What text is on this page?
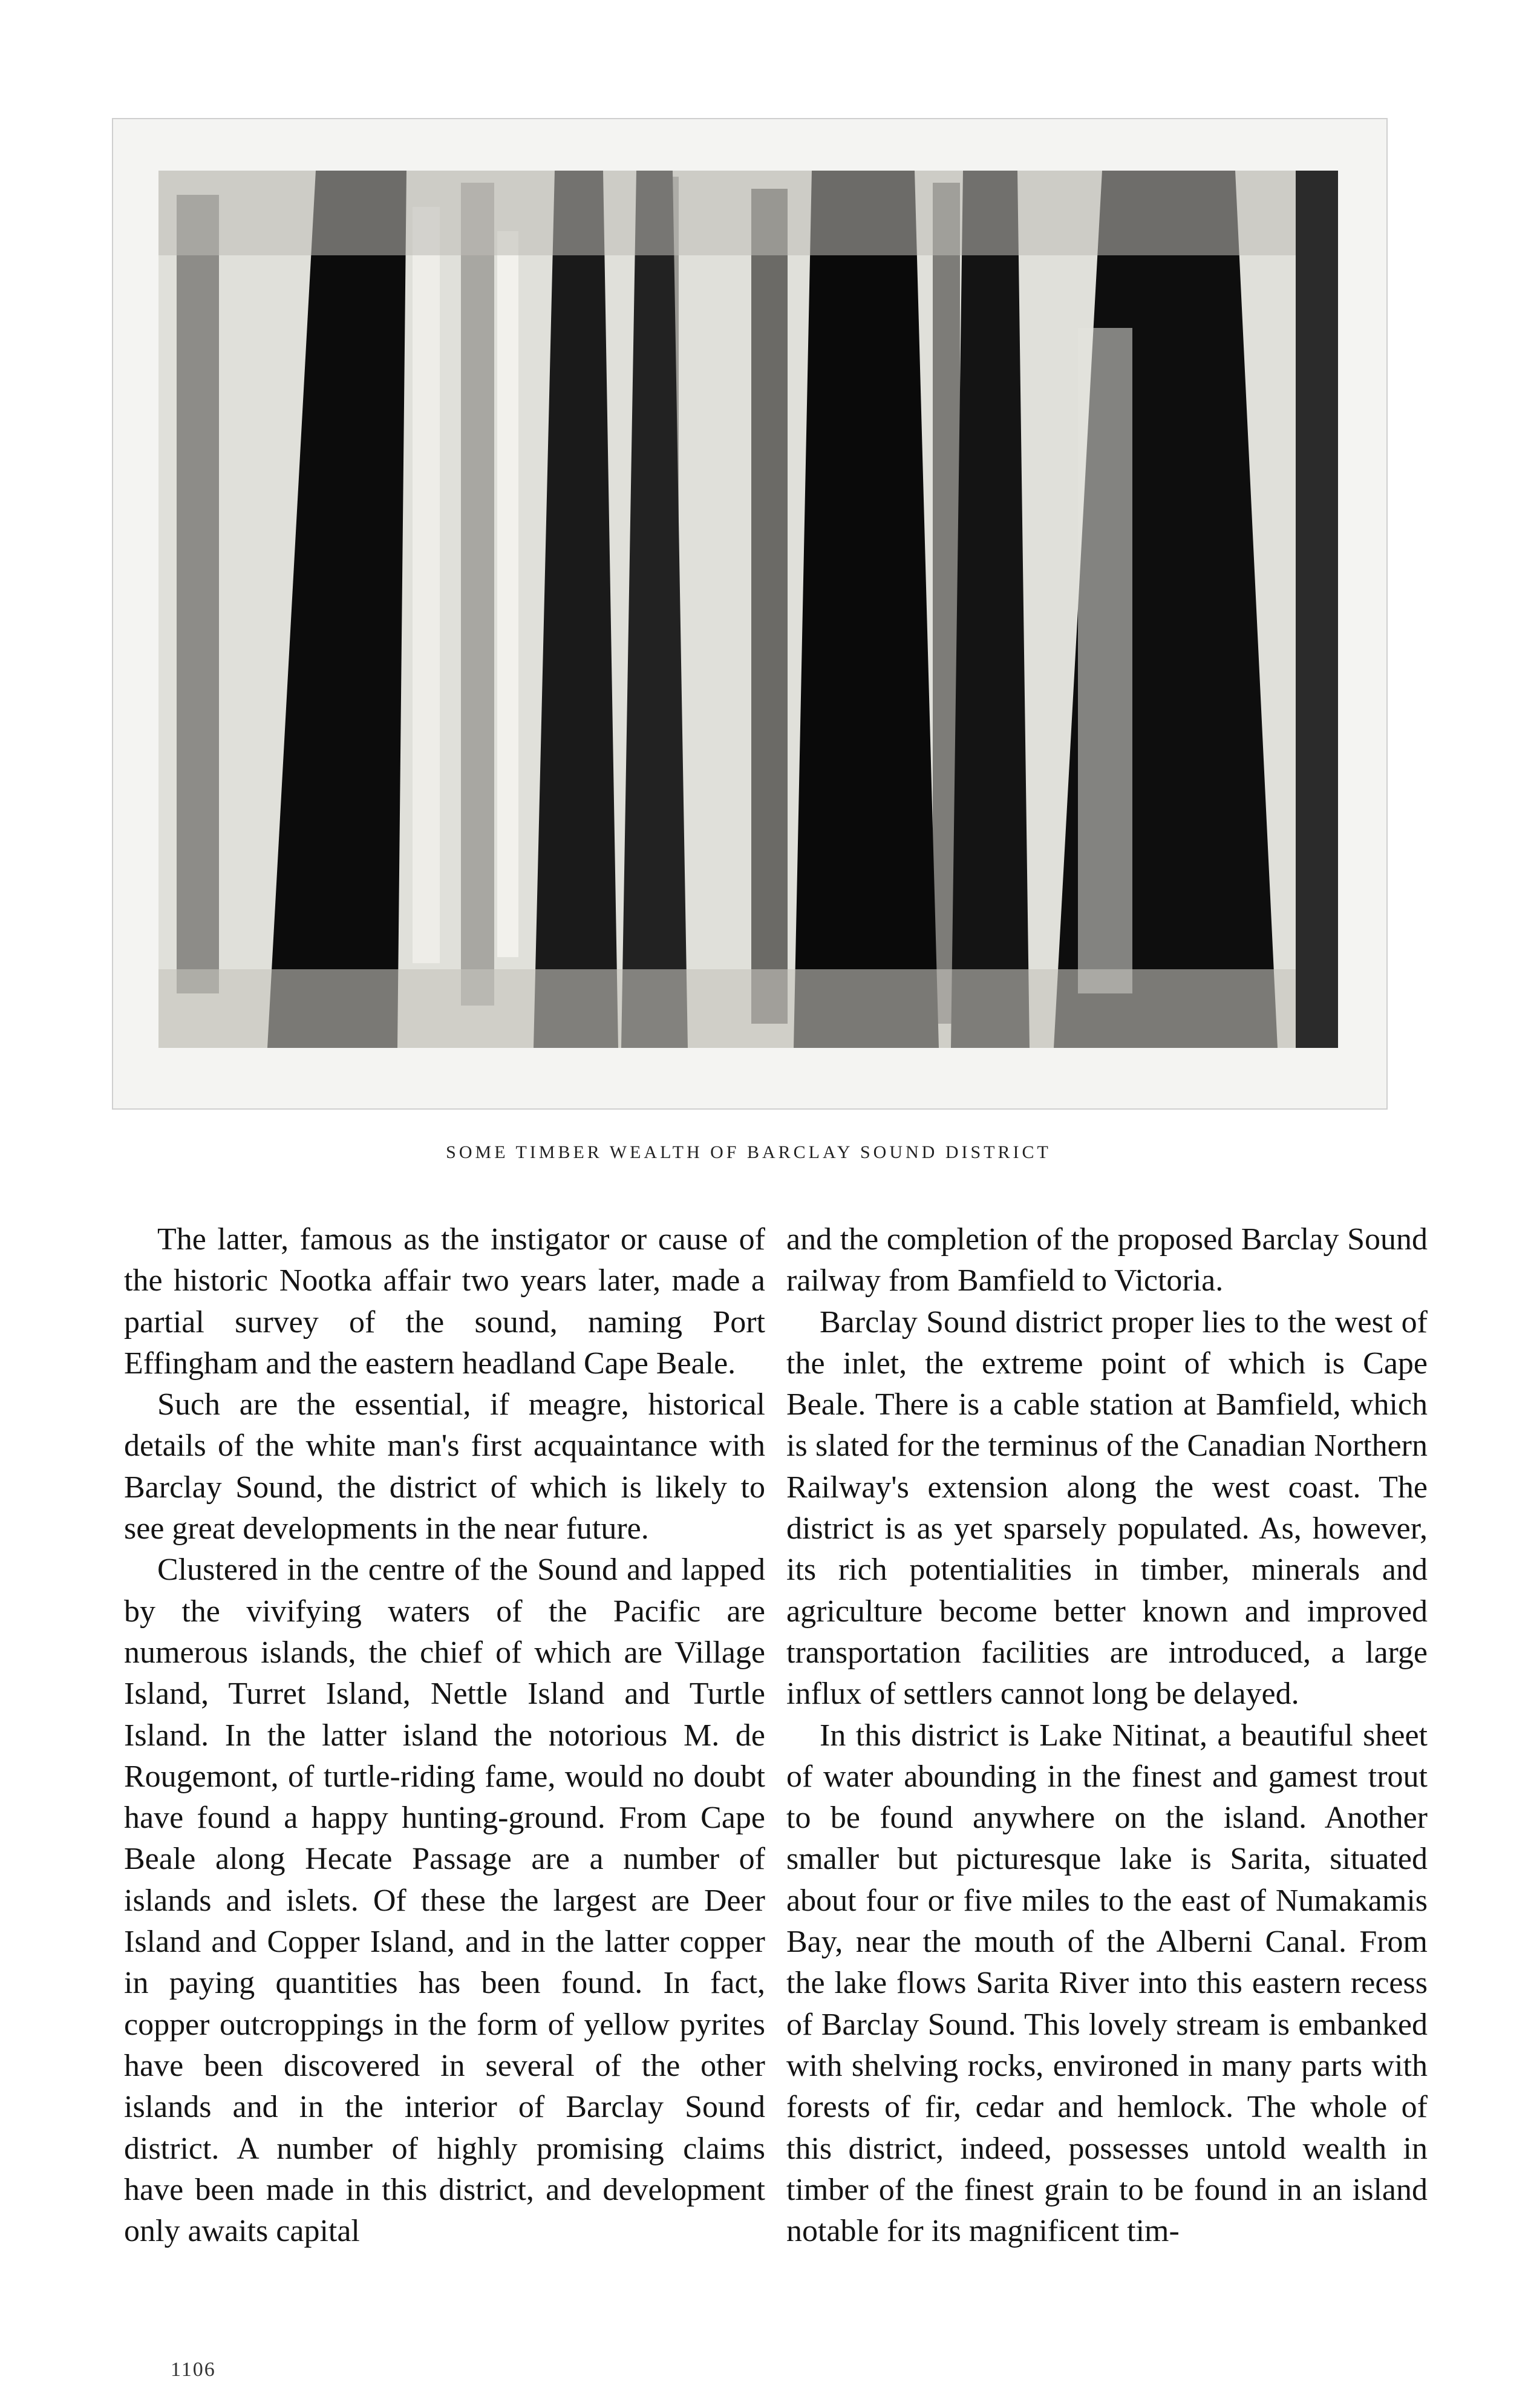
SOME TIMBER WEALTH OF BARCLAY SOUND DISTRICT

The latter, famous as the instigator or cause of the historic Nootka affair two years later, made a partial survey of the sound, naming Port Effingham and the eastern headland Cape Beale.

Such are the essential, if meagre, historical details of the white man's first acquaintance with Barclay Sound, the district of which is likely to see great developments in the near future.

Clustered in the centre of the Sound and lapped by the vivifying waters of the Pacific are numerous islands, the chief of which are Village Island, Turret Island, Nettle Island and Turtle Island. In the latter island the notorious M. de Rougemont, of turtle-riding fame, would no doubt have found a happy hunting-ground. From Cape Beale along Hecate Passage are a number of islands and islets. Of these the largest are Deer Island and Copper Island, and in the latter copper in paying quantities has been found. In fact, copper outcroppings in the form of yellow pyrites have been discovered in several of the other islands and in the interior of Barclay Sound district. A number of highly promising claims have been made in this district, and development only awaits capital

and the completion of the proposed Barclay Sound railway from Bamfield to Victoria.

Barclay Sound district proper lies to the west of the inlet, the extreme point of which is Cape Beale. There is a cable station at Bamfield, which is slated for the terminus of the Canadian Northern Railway's extension along the west coast. The district is as yet sparsely populated. As, however, its rich potentialities in timber, minerals and agriculture become better known and improved transportation facilities are introduced, a large influx of settlers cannot long be delayed.

In this district is Lake Nitinat, a beautiful sheet of water abounding in the finest and gamest trout to be found anywhere on the island. Another smaller but picturesque lake is Sarita, situated about four or five miles to the east of Numakamis Bay, near the mouth of the Alberni Canal. From the lake flows Sarita River into this eastern recess of Barclay Sound. This lovely stream is embanked with shelving rocks, environed in many parts with forests of fir, cedar and hemlock. The whole of this district, indeed, possesses untold wealth in timber of the finest grain to be found in an island notable for its magnificent tim-

1106
